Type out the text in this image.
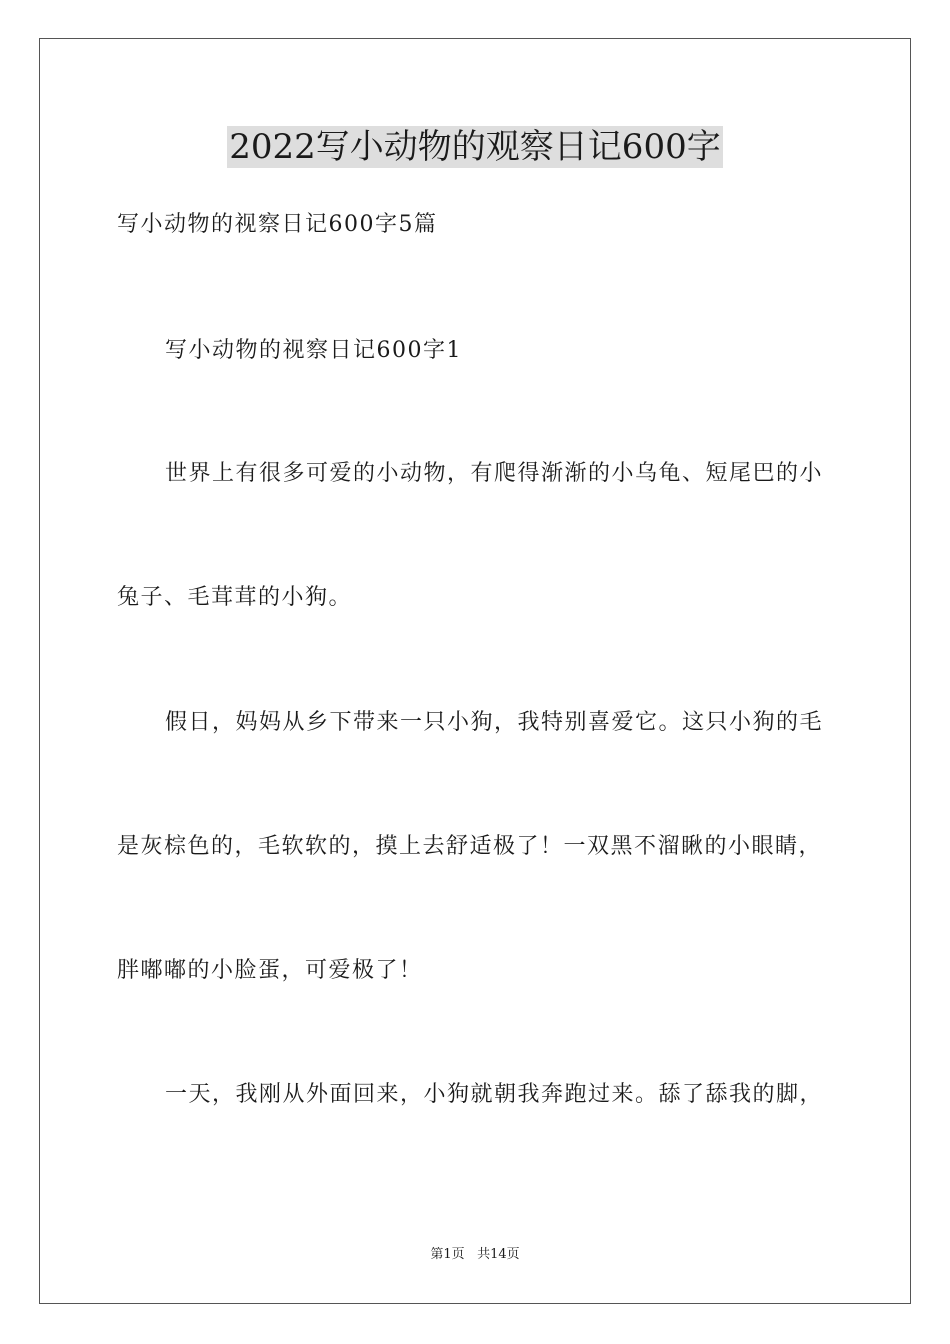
2022写小动物的观察日记600字
写小动物的视察日记600字5篇
写小动物的视察日记600字1
世界上有很多可爱的小动物，有爬得渐渐的小乌龟、短尾巴的小
兔子、毛茸茸的小狗。
假日，妈妈从乡下带来一只小狗，我特别喜爱它。这只小狗的毛
是灰棕色的，毛软软的，摸上去舒适极了！一双黑不溜瞅的小眼睛，
胖嘟嘟的小脸蛋，可爱极了！
一天，我刚从外面回来，小狗就朝我奔跑过来。舔了舔我的脚，
第1页 共14页
